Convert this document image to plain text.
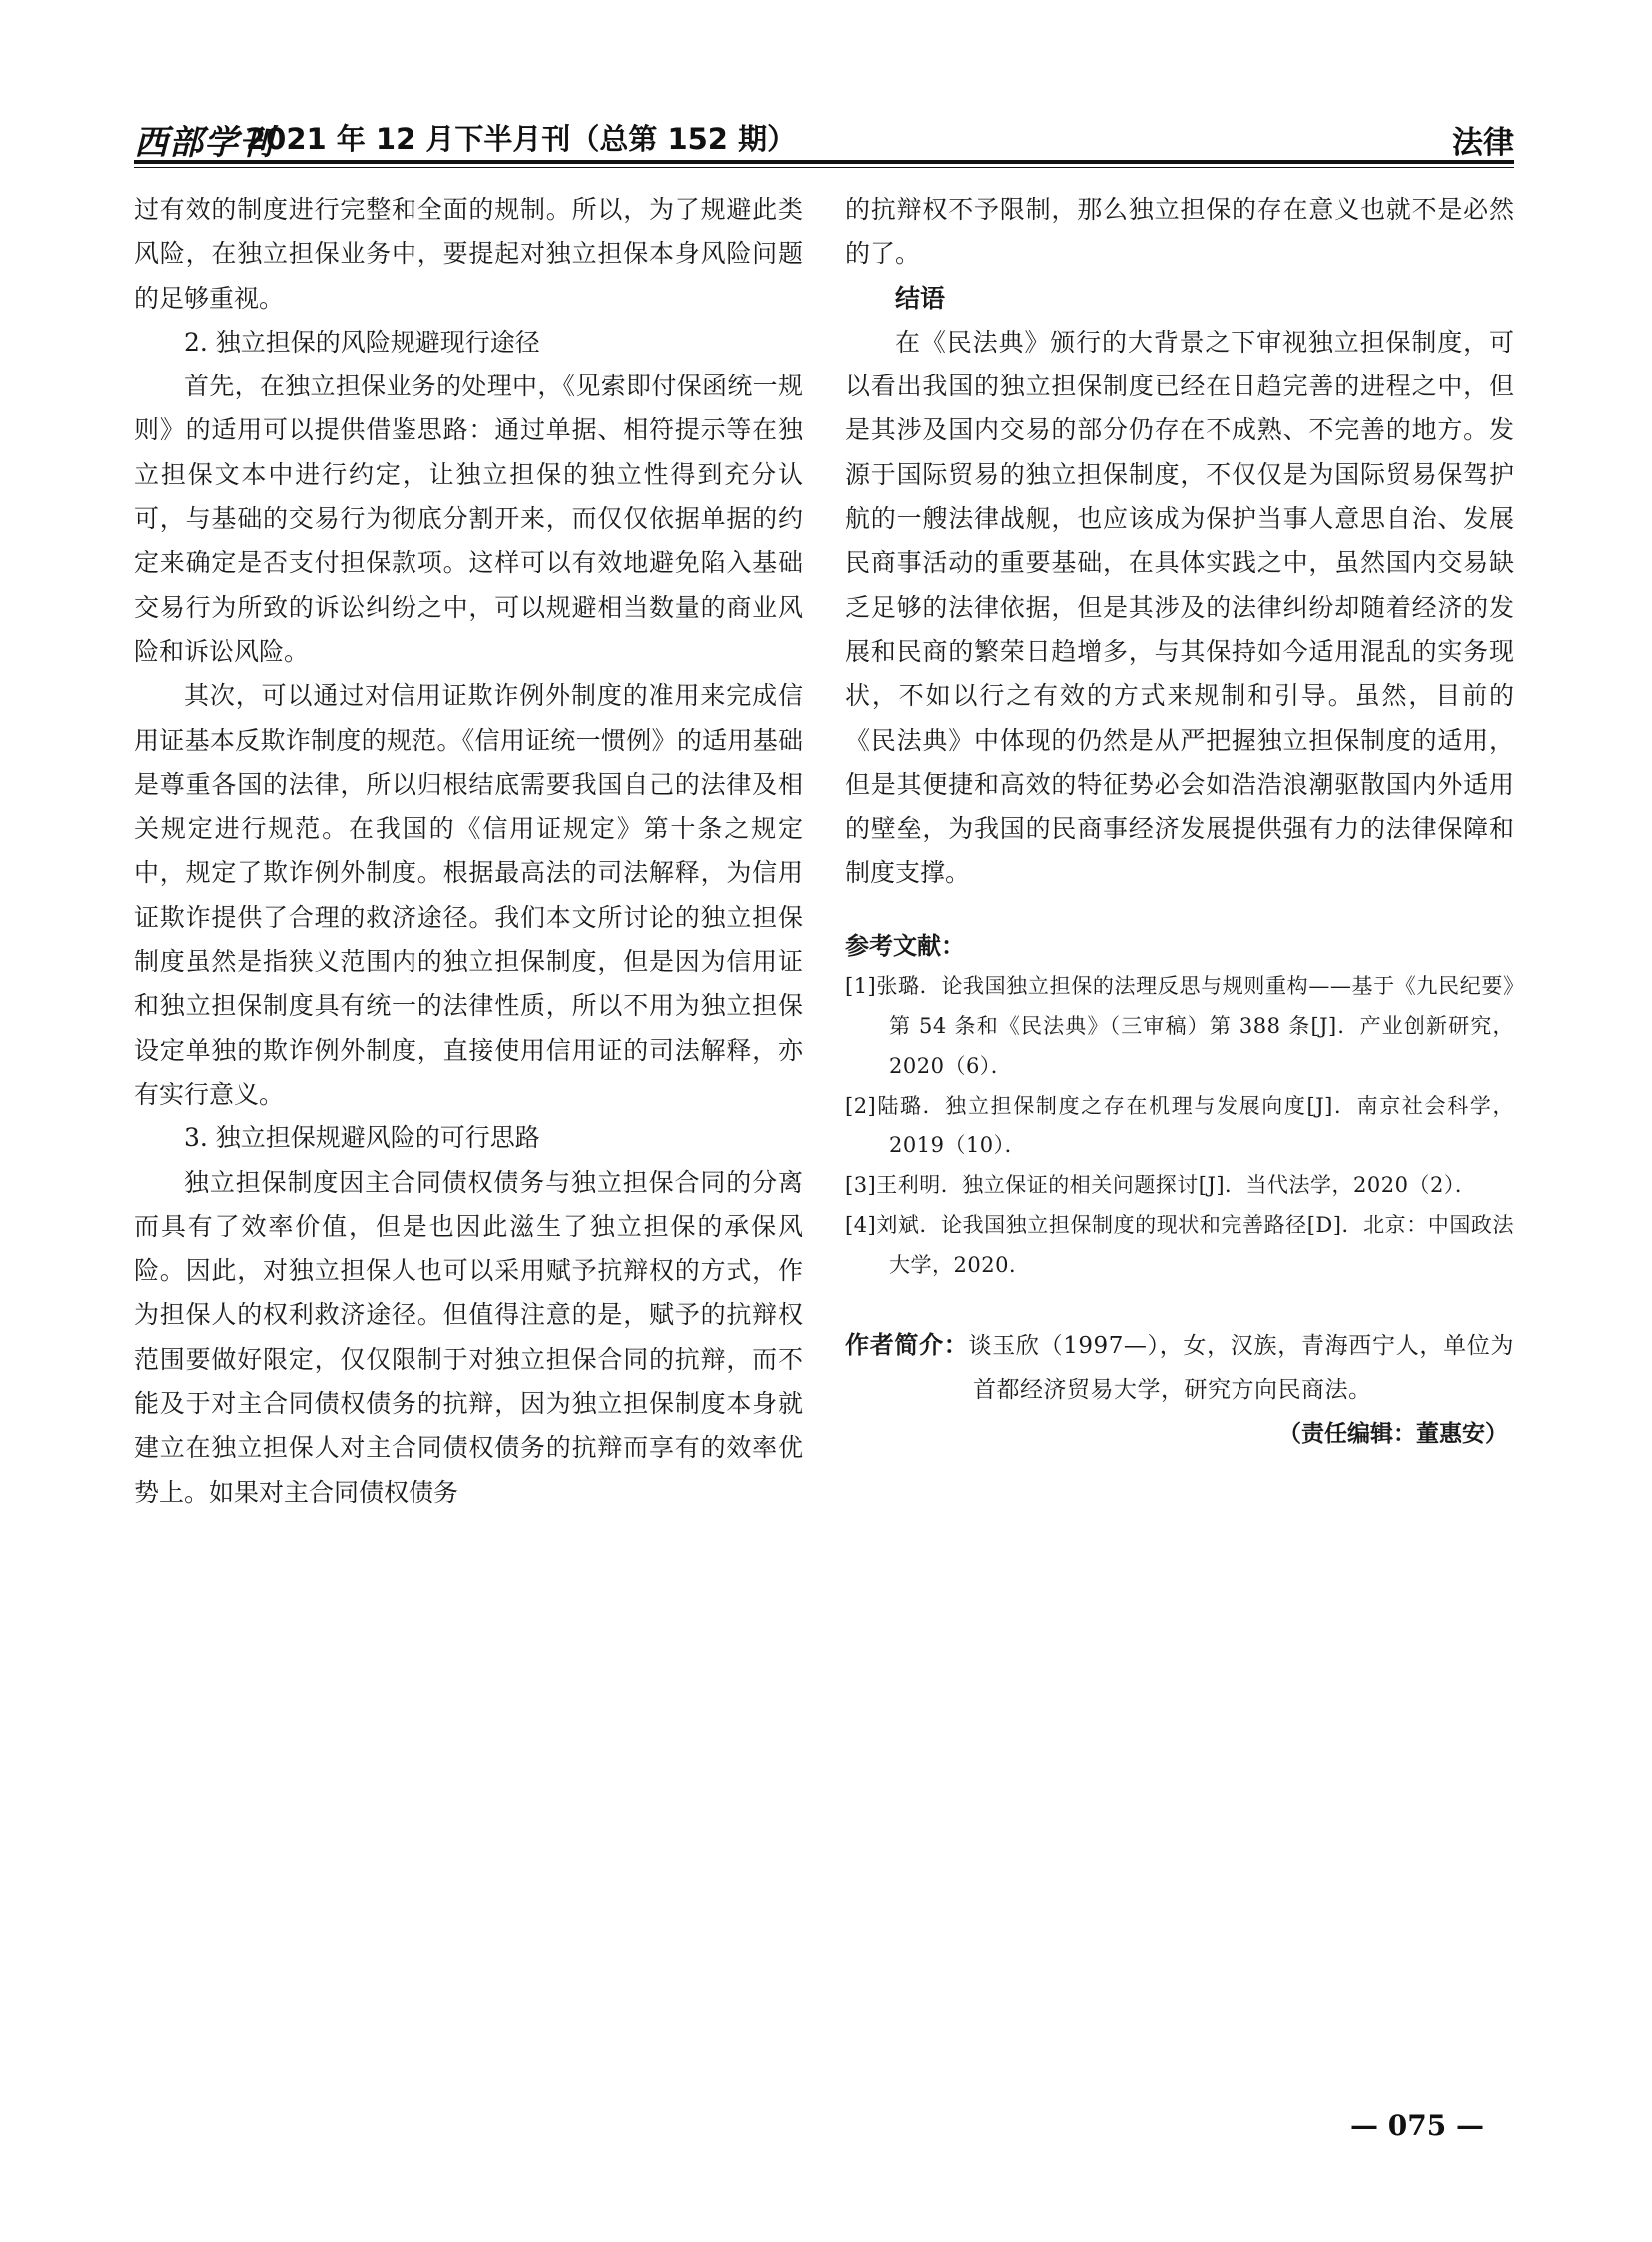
西部学刊
2021 年 12 月下半月刊（总第 152 期）	法律

过有效的制度进行完整和全面的规制。所以，为了规避此类风险，在独立担保业务中，要提起对独立担保本身风险问题的足够重视。

2. 独立担保的风险规避现行途径

首先，在独立担保业务的处理中，《见索即付保函统一规则》的适用可以提供借鉴思路：通过单据、相符提示等在独立担保文本中进行约定，让独立担保的独立性得到充分认可，与基础的交易行为彻底分割开来，而仅仅依据单据的约定来确定是否支付担保款项。这样可以有效地避免陷入基础交易行为所致的诉讼纠纷之中，可以规避相当数量的商业风险和诉讼风险。

其次，可以通过对信用证欺诈例外制度的准用来完成信用证基本反欺诈制度的规范。《信用证统一惯例》的适用基础是尊重各国的法律，所以归根结底需要我国自己的法律及相关规定进行规范。在我国的《信用证规定》第十条之规定中，规定了欺诈例外制度。根据最高法的司法解释，为信用证欺诈提供了合理的救济途径。我们本文所讨论的独立担保制度虽然是指狭义范围内的独立担保制度，但是因为信用证和独立担保制度具有统一的法律性质，所以不用为独立担保设定单独的欺诈例外制度，直接使用信用证的司法解释，亦有实行意义。

3. 独立担保规避风险的可行思路

独立担保制度因主合同债权债务与独立担保合同的分离而具有了效率价值，但是也因此滋生了独立担保的承保风险。因此，对独立担保人也可以采用赋予抗辩权的方式，作为担保人的权利救济途径。但值得注意的是，赋予的抗辩权范围要做好限定，仅仅限制于对独立担保合同的抗辩，而不能及于对主合同债权债务的抗辩，因为独立担保制度本身就建立在独立担保人对主合同债权债务的抗辩而享有的效率优势上。如果对主合同债权债务

的抗辩权不予限制，那么独立担保的存在意义也就不是必然的了。

结语

在《民法典》颁行的大背景之下审视独立担保制度，可以看出我国的独立担保制度已经在日趋完善的进程之中，但是其涉及国内交易的部分仍存在不成熟、不完善的地方。发源于国际贸易的独立担保制度，不仅仅是为国际贸易保驾护航的一艘法律战舰，也应该成为保护当事人意思自治、发展民商事活动的重要基础，在具体实践之中，虽然国内交易缺乏足够的法律依据，但是其涉及的法律纠纷却随着经济的发展和民商的繁荣日趋增多，与其保持如今适用混乱的实务现状，不如以行之有效的方式来规制和引导。虽然，目前的《民法典》中体现的仍然是从严把握独立担保制度的适用，但是其便捷和高效的特征势必会如浩浩浪潮驱散国内外适用的壁垒，为我国的民商事经济发展提供强有力的法律保障和制度支撑。

参考文献：
[1]张璐．论我国独立担保的法理反思与规则重构——基于《九民纪要》第 54 条和《民法典》（三审稿）第 388 条[J]．产业创新研究，2020（6）．
[2]陆璐．独立担保制度之存在机理与发展向度[J]．南京社会科学，2019（10）．
[3]王利明．独立保证的相关问题探讨[J]．当代法学，2020（2）．
[4]刘斌．论我国独立担保制度的现状和完善路径[D]．北京：中国政法大学，2020．
作者简介：谈玉欣（1997—），女，汉族，青海西宁人，单位为首都经济贸易大学，研究方向民商法。
（责任编辑：董惠安）
— 075 —
